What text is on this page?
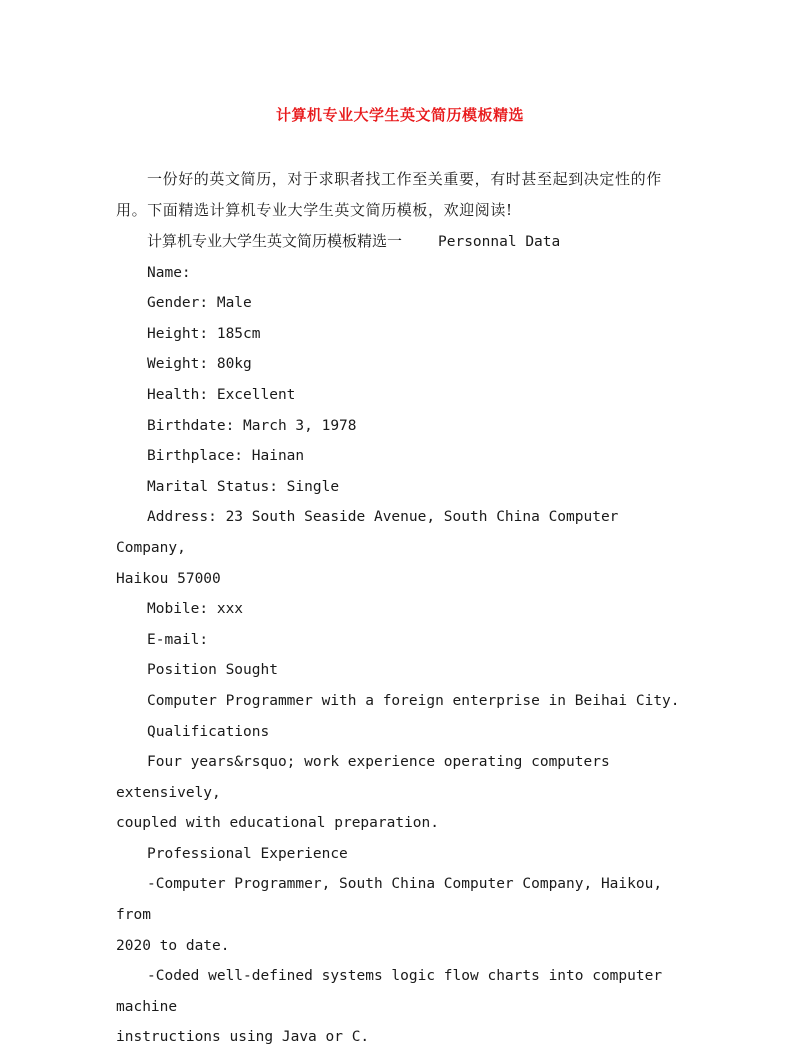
计算机专业大学生英文简历模板精选

一份好的英文简历，对于求职者找工作至关重要，有时甚至起到决定性的作用。下面精选计算机专业大学生英文简历模板，欢迎阅读!

计算机专业大学生英文简历模板精选一 Personnal Data
Name:
Gender: Male
Height: 185cm
Weight: 80kg
Health: Excellent
Birthdate: March 3, 1978
Birthplace: Hainan
Marital Status: Single
Address: 23 South Seaside Avenue, South China Computer Company,
Haikou 57000
Mobile: xxx
E-mail:
Position Sought
Computer Programmer with a foreign enterprise in Beihai City.
Qualifications
Four years&rsquo; work experience operating computers extensively,
coupled with educational preparation.
Professional Experience
-Computer Programmer, South China Computer Company, Haikou, from
2020 to date.
-Coded well-defined systems logic flow charts into computer machine
instructions using Java or C.
